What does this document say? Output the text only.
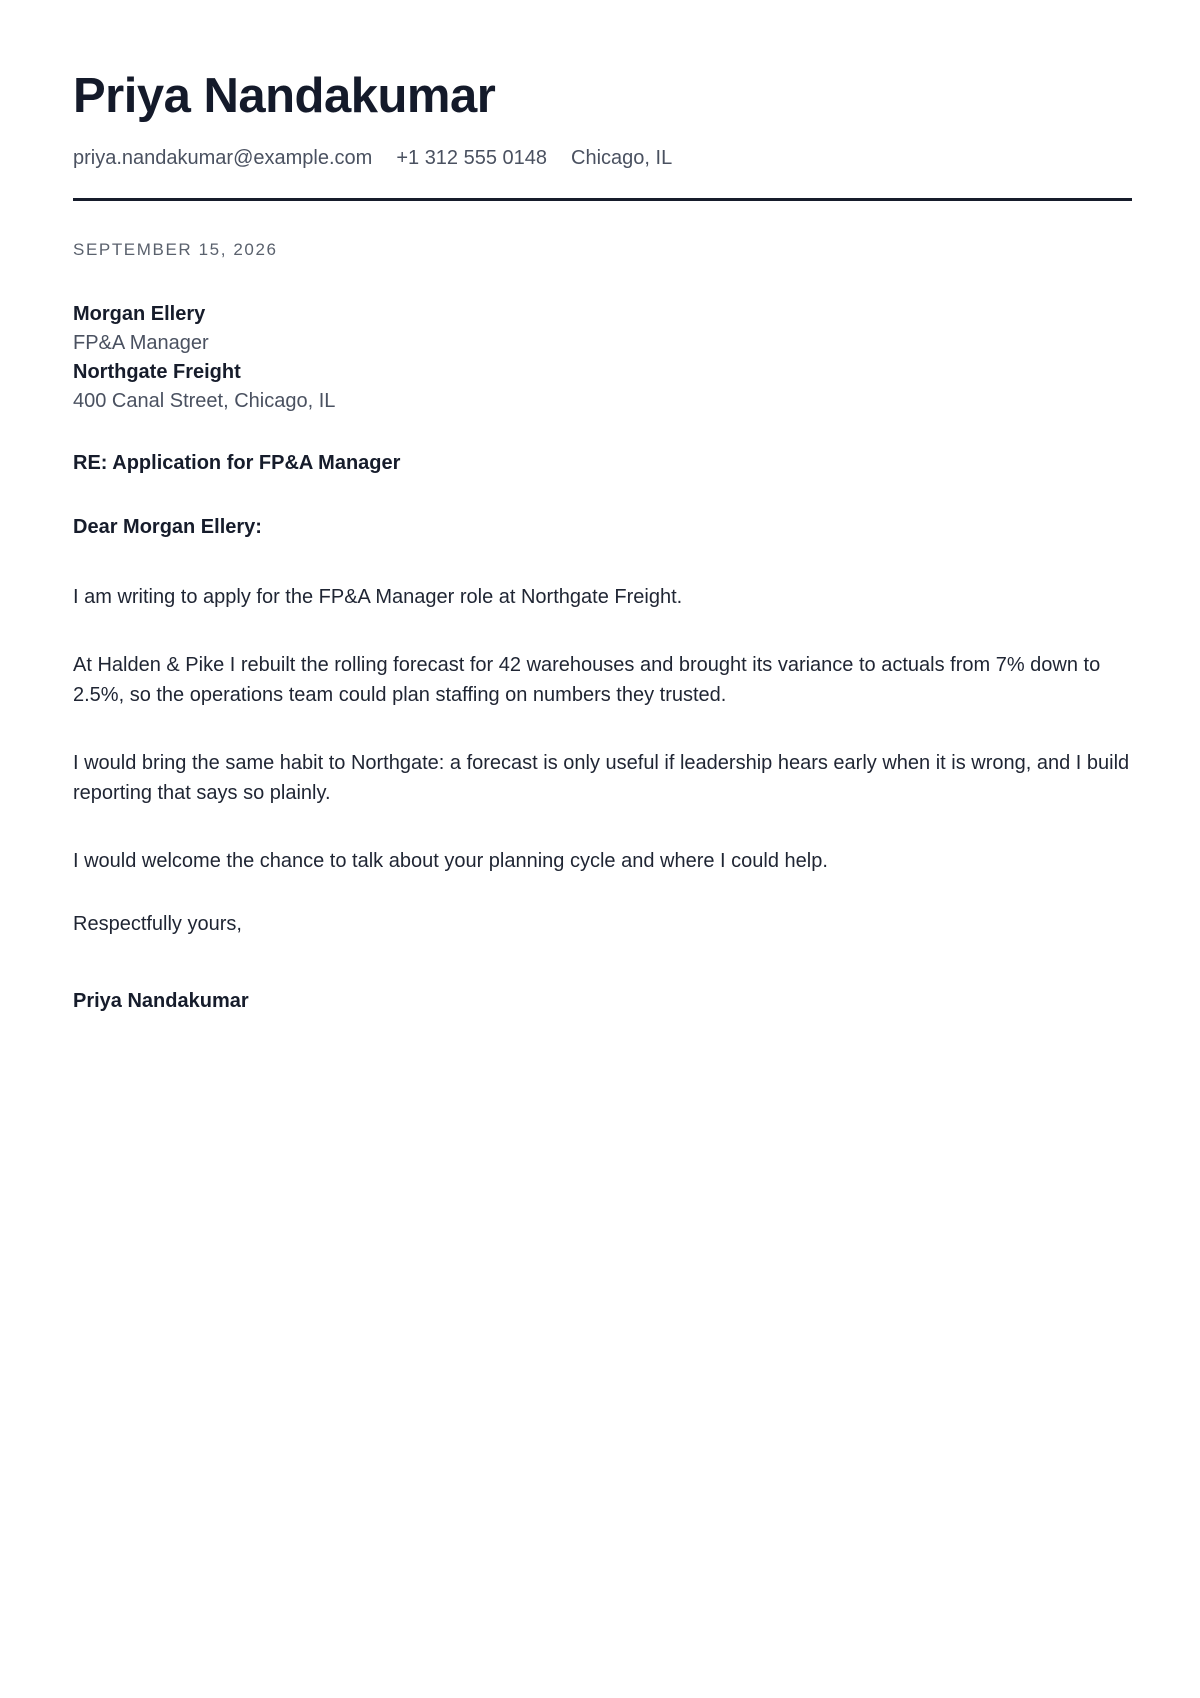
Priya Nandakumar
priya.nandakumar@example.com +1 312 555 0148 Chicago, IL
SEPTEMBER 15, 2026
Morgan Ellery
FP&A Manager
Northgate Freight
400 Canal Street, Chicago, IL
RE: Application for FP&A Manager
Dear Morgan Ellery:

I am writing to apply for the FP&A Manager role at Northgate Freight.

At Halden & Pike I rebuilt the rolling forecast for 42 warehouses and brought its variance to actuals from 7% down to 2.5%, so the operations team could plan staffing on numbers they trusted.

I would bring the same habit to Northgate: a forecast is only useful if leadership hears early when it is wrong, and I build reporting that says so plainly.

I would welcome the chance to talk about your planning cycle and where I could help.

Respectfully yours,
Priya Nandakumar
